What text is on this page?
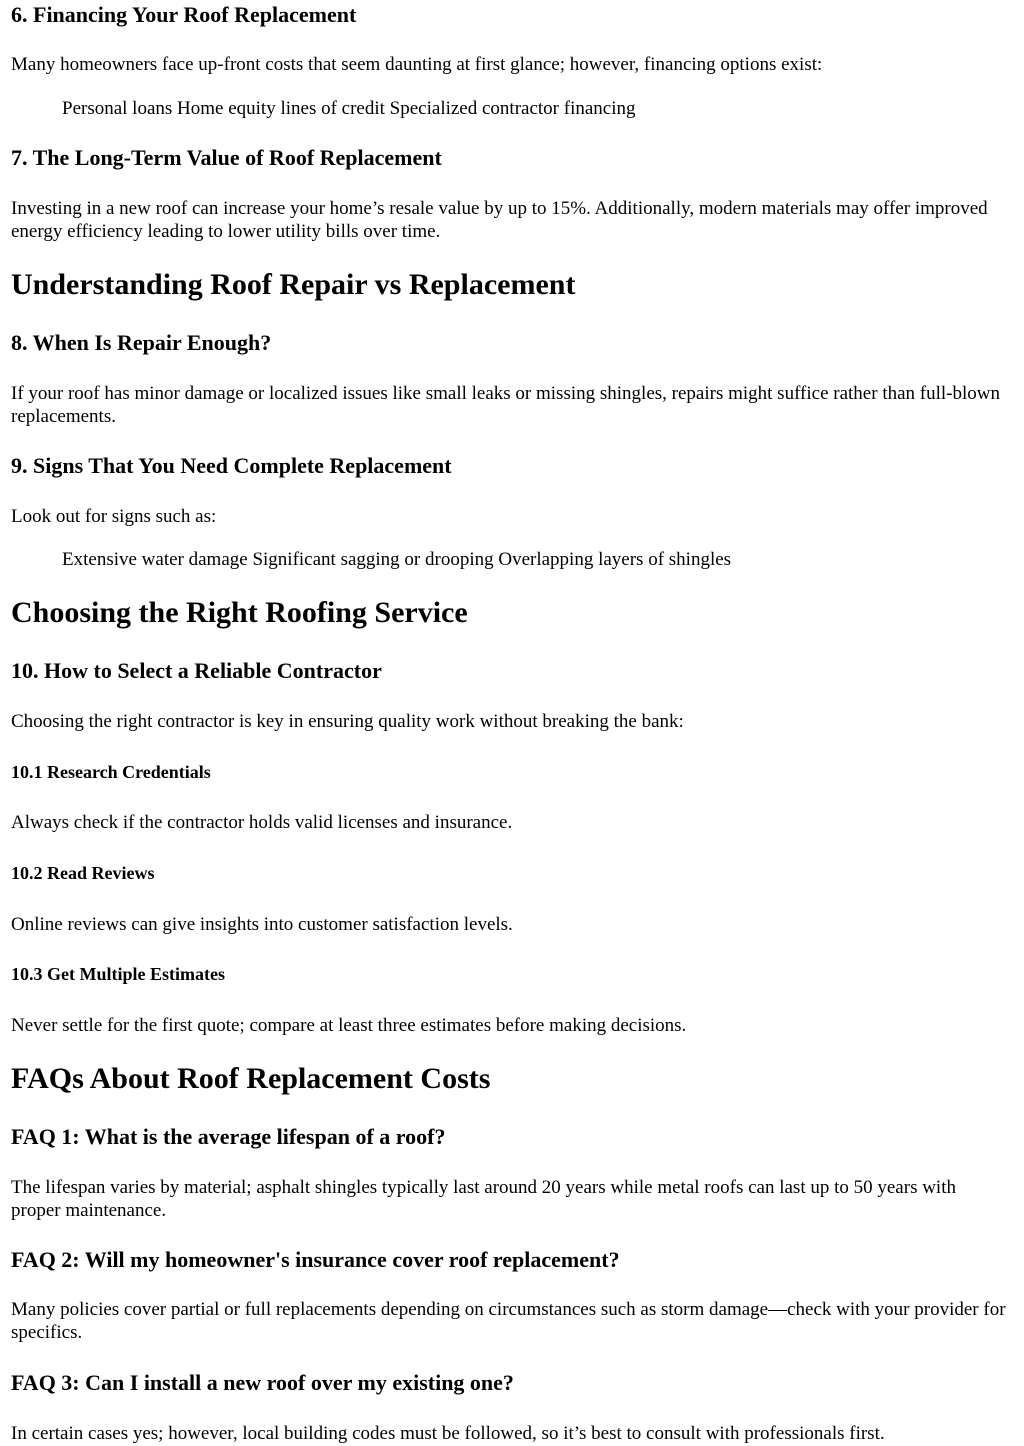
6. Financing Your Roof Replacement

Many homeowners face up-front costs that seem daunting at first glance; however, financing options exist:

Personal loans Home equity lines of credit Specialized contractor financing

7. The Long-Term Value of Roof Replacement

Investing in a new roof can increase your home’s resale value by up to 15%. Additionally, modern materials may offer improved energy efficiency leading to lower utility bills over time.

Understanding Roof Repair vs Replacement
8. When Is Repair Enough?

If your roof has minor damage or localized issues like small leaks or missing shingles, repairs might suffice rather than full-blown replacements.

9. Signs That You Need Complete Replacement

Look out for signs such as:

Extensive water damage Significant sagging or drooping Overlapping layers of shingles

Choosing the Right Roofing Service
10. How to Select a Reliable Contractor

Choosing the right contractor is key in ensuring quality work without breaking the bank:

10.1 Research Credentials

Always check if the contractor holds valid licenses and insurance.

10.2 Read Reviews

Online reviews can give insights into customer satisfaction levels.

10.3 Get Multiple Estimates

Never settle for the first quote; compare at least three estimates before making decisions.

FAQs About Roof Replacement Costs
FAQ 1: What is the average lifespan of a roof?

The lifespan varies by material; asphalt shingles typically last around 20 years while metal roofs can last up to 50 years with proper maintenance.

FAQ 2: Will my homeowner's insurance cover roof replacement?

Many policies cover partial or full replacements depending on circumstances such as storm damage—check with your provider for specifics.

FAQ 3: Can I install a new roof over my existing one?

In certain cases yes; however, local building codes must be followed, so it’s best to consult with professionals first.
